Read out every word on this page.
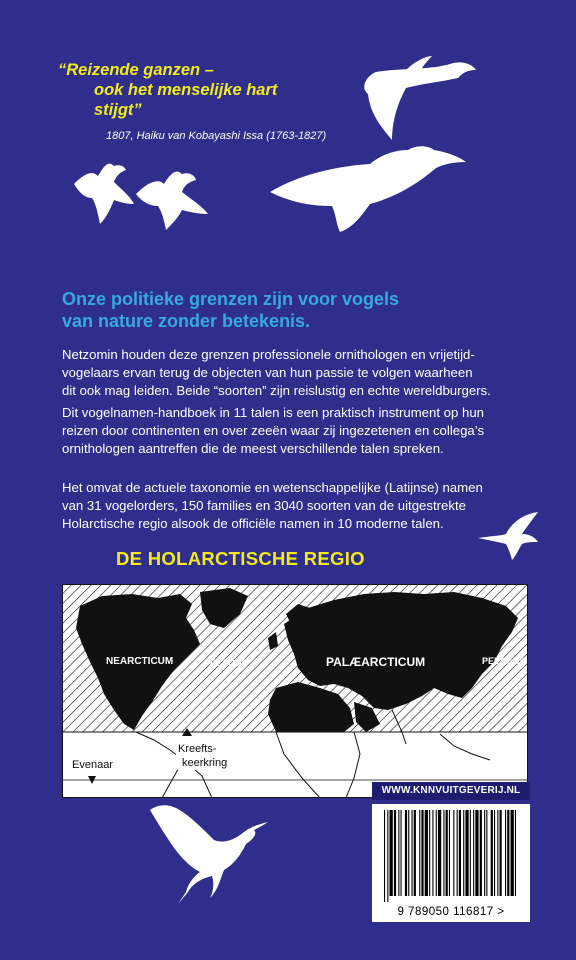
“Reizende ganzen –
ook het menselijke hart
stijgt”
1807, Haiku van Kobayashi Issa (1763-1827)
Onze politieke grenzen zijn voor vogels
van nature zonder betekenis.
Netzomin houden deze grenzen professionele ornithologen en vrijetijd-
vogelaars ervan terug de objecten van hun passie te volgen waarheen
dit ook mag leiden. Beide “soorten” zijn reislustig en echte wereldburgers.
Dit vogelnamen-handboek in 11 talen is een praktisch instrument op hun
reizen door continenten en over zeeën waar zij ingezetenen en collega’s
ornithologen aantreffen die de meest verschillende talen spreken.
Het omvat de actuele taxonomie en wetenschappelijke (Latijnse) namen
van 31 vogelorders, 150 families en 3040 soorten van de uitgestrekte
Holarctische regio alsook de officiële namen in 10 moderne talen.
DE HOLARCTISCHE REGIO
NEARCTICUM	PELAGUS	PALÆARCTICUM	PELAGUS
Kreefts-
keerkring
Evenaar
WWW.KNNVUITGEVERIJ.NL
9 789050 116817 >
